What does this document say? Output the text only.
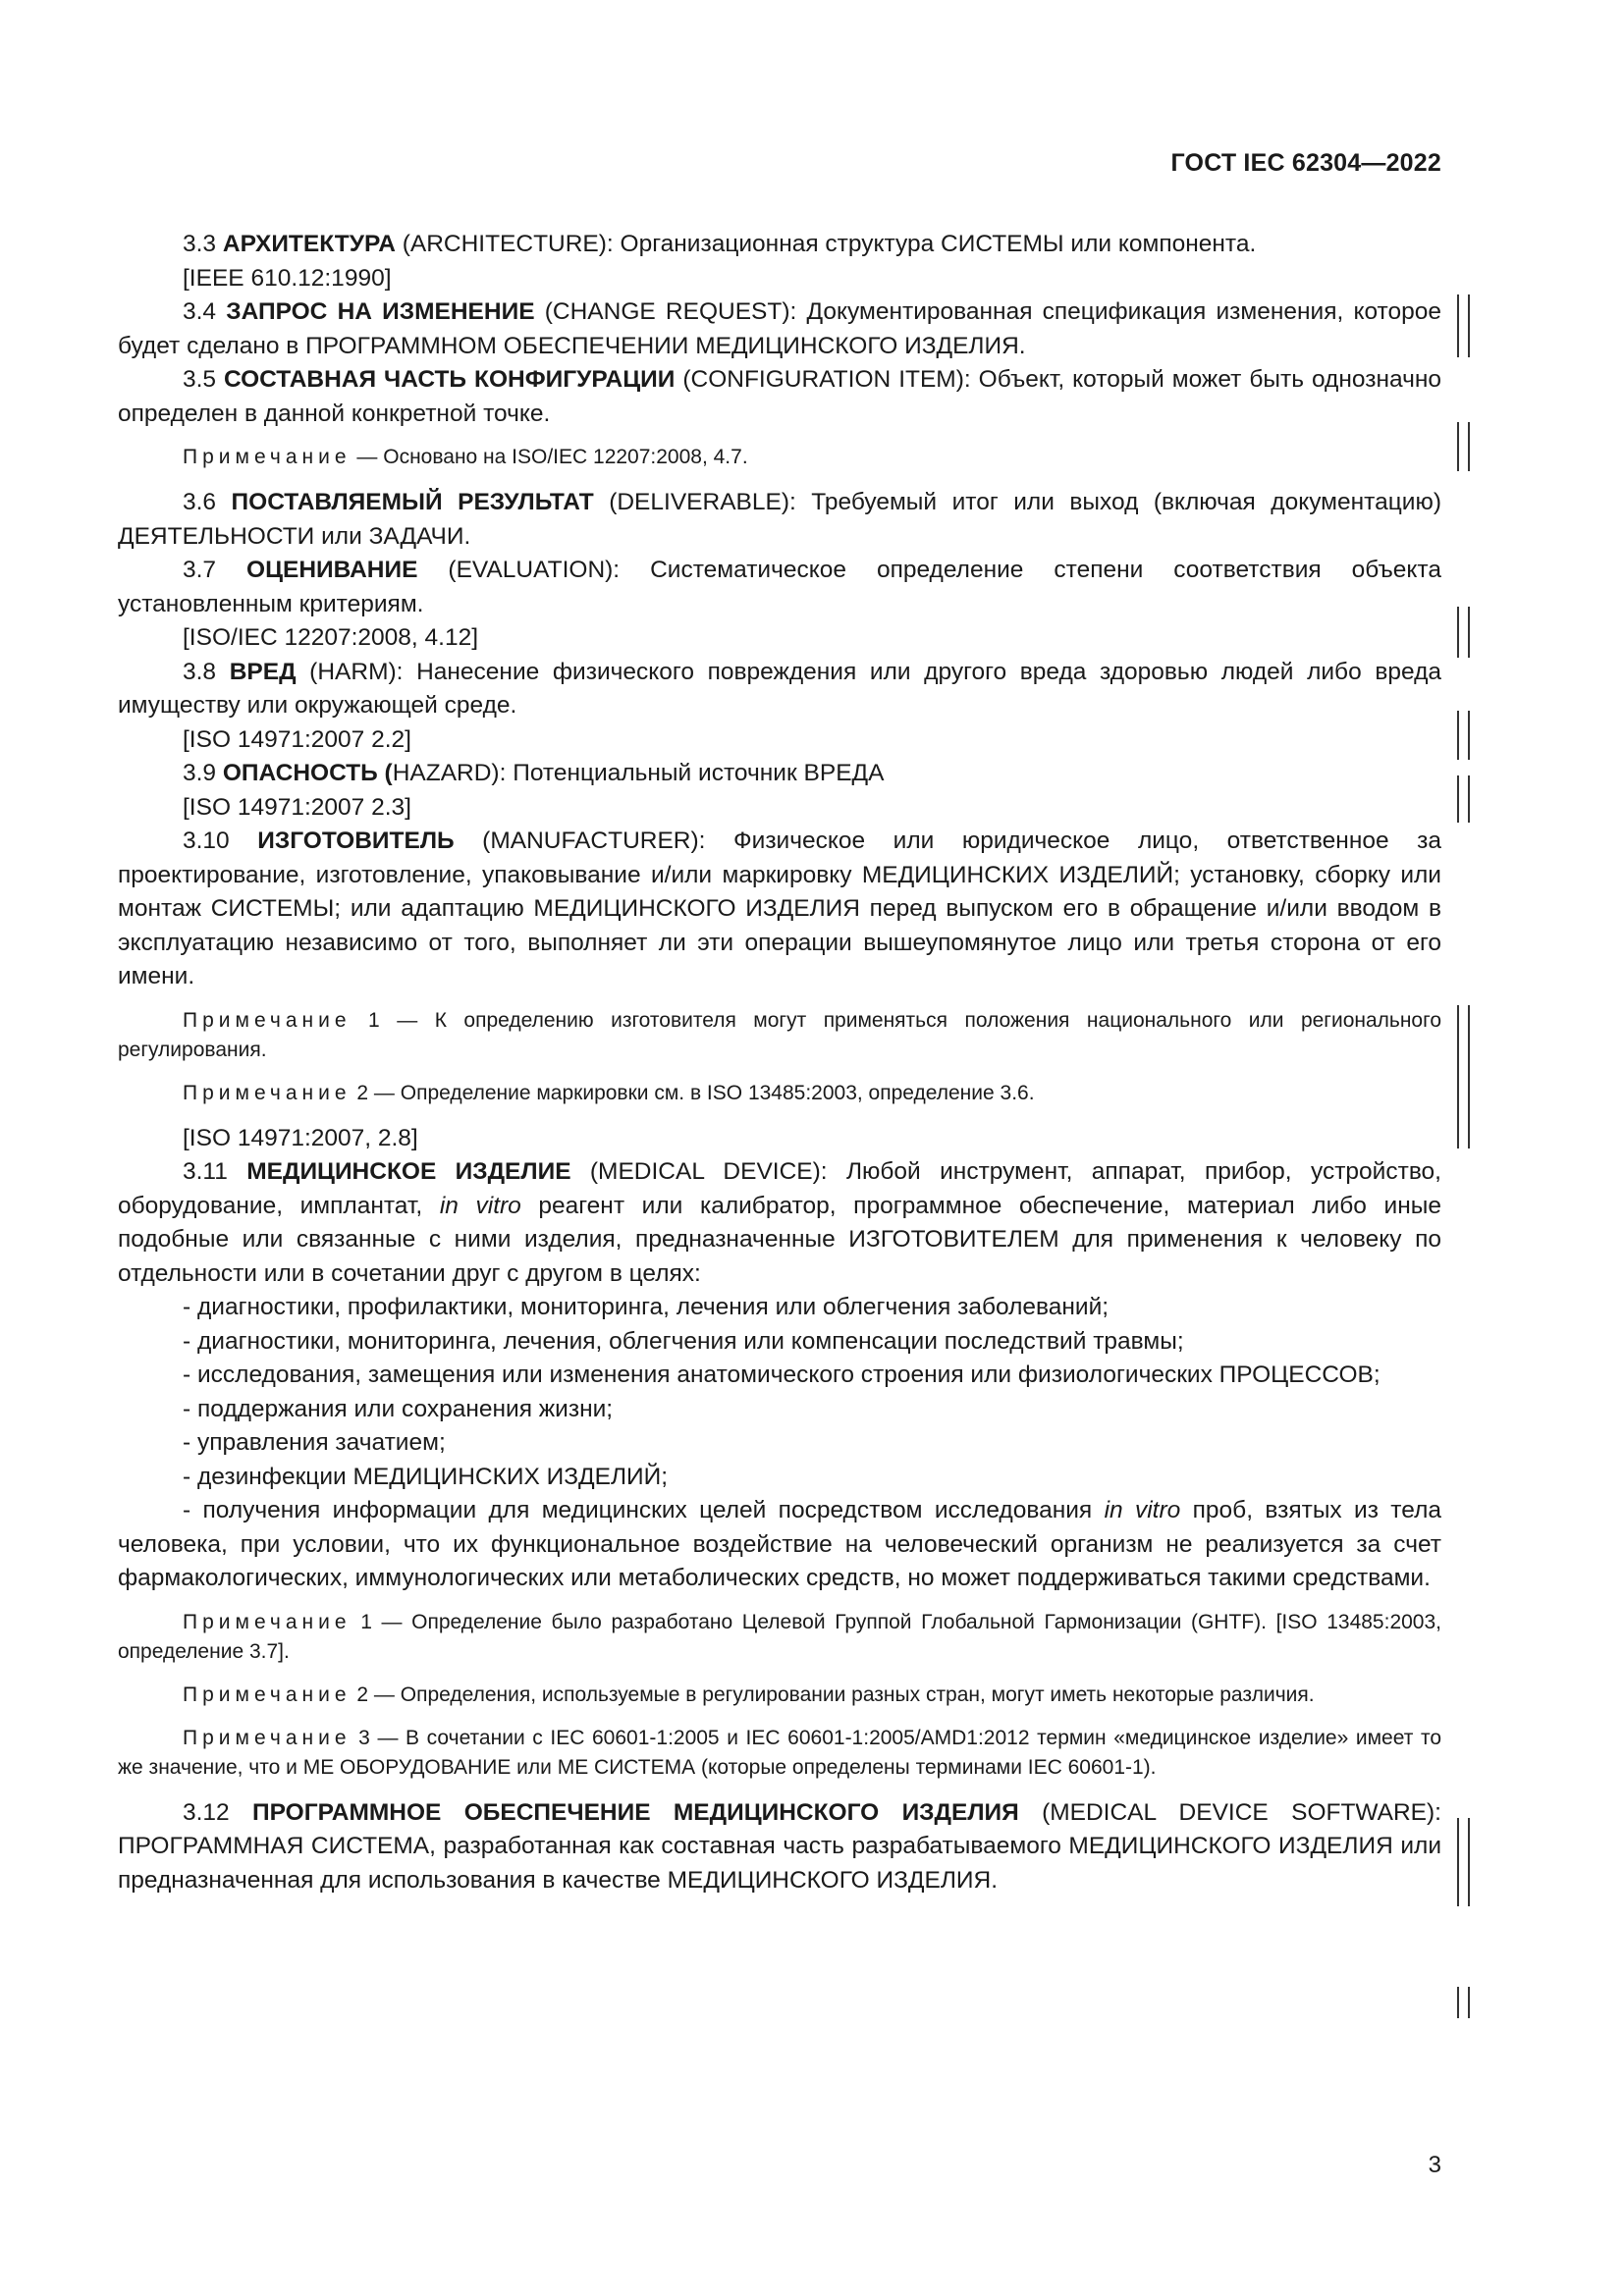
ГОСТ IEC 62304—2022

3.3 АРХИТЕКТУРА (ARCHITECTURE): Организационная структура СИСТЕМЫ или компонента.

[IEEE 610.12:1990]

3.4 ЗАПРОС НА ИЗМЕНЕНИЕ (CHANGE REQUEST): Документированная спецификация изменения, которое будет сделано в ПРОГРАММНОМ ОБЕСПЕЧЕНИИ МЕДИЦИНСКОГО ИЗДЕЛИЯ.

3.5 СОСТАВНАЯ ЧАСТЬ КОНФИГУРАЦИИ (CONFIGURATION ITEM): Объект, который может быть однозначно определен в данной конкретной точке.

Примечание — Основано на ISO/IEC 12207:2008, 4.7.

3.6 ПОСТАВЛЯЕМЫЙ РЕЗУЛЬТАТ (DELIVERABLE): Требуемый итог или выход (включая документацию) ДЕЯТЕЛЬНОСТИ или ЗАДАЧИ.

3.7 ОЦЕНИВАНИЕ (EVALUATION): Систематическое определение степени соответствия объекта установленным критериям.

[ISO/IEC 12207:2008, 4.12]

3.8 ВРЕД (HARM): Нанесение физического повреждения или другого вреда здоровью людей либо вреда имуществу или окружающей среде.

[ISO 14971:2007 2.2]

3.9 ОПАСНОСТЬ (HAZARD): Потенциальный источник ВРЕДА

[ISO 14971:2007 2.3]

3.10 ИЗГОТОВИТЕЛЬ (MANUFACTURER): Физическое или юридическое лицо, ответственное за проектирование, изготовление, упаковывание и/или маркировку МЕДИЦИНСКИХ ИЗДЕЛИЙ; установку, сборку или монтаж СИСТЕМЫ; или адаптацию МЕДИЦИНСКОГО ИЗДЕЛИЯ перед выпуском его в обращение и/или вводом в эксплуатацию независимо от того, выполняет ли эти операции вышеупомянутое лицо или третья сторона от его имени.

Примечание 1 — К определению изготовителя могут применяться положения национального или регионального регулирования.

Примечание 2 — Определение маркировки см. в ISO 13485:2003, определение 3.6.

[ISO 14971:2007, 2.8]

3.11 МЕДИЦИНСКОЕ ИЗДЕЛИЕ (MEDICAL DEVICE): Любой инструмент, аппарат, прибор, устройство, оборудование, имплантат, in vitro реагент или калибратор, программное обеспечение, материал либо иные подобные или связанные с ними изделия, предназначенные ИЗГОТОВИТЕЛЕМ для применения к человеку по отдельности или в сочетании друг с другом в целях:

- диагностики, профилактики, мониторинга, лечения или облегчения заболеваний;

- диагностики, мониторинга, лечения, облегчения или компенсации последствий травмы;

- исследования, замещения или изменения анатомического строения или физиологических ПРОЦЕССОВ;

- поддержания или сохранения жизни;

- управления зачатием;

- дезинфекции МЕДИЦИНСКИХ ИЗДЕЛИЙ;

- получения информации для медицинских целей посредством исследования in vitro проб, взятых из тела человека, при условии, что их функциональное воздействие на человеческий организм не реализуется за счет фармакологических, иммунологических или метаболических средств, но может поддерживаться такими средствами.

Примечание 1 — Определение было разработано Целевой Группой Глобальной Гармонизации (GHTF). [ISO 13485:2003, определение 3.7].

Примечание 2 — Определения, используемые в регулировании разных стран, могут иметь некоторые различия.

Примечание 3 — В сочетании с IEC 60601-1:2005 и IEC 60601-1:2005/AMD1:2012 термин «медицинское изделие» имеет то же значение, что и МЕ ОБОРУДОВАНИЕ или МЕ СИСТЕМА (которые определены терминами IEC 60601-1).

3.12 ПРОГРАММНОЕ ОБЕСПЕЧЕНИЕ МЕДИЦИНСКОГО ИЗДЕЛИЯ (MEDICAL DEVICE SOFTWARE): ПРОГРАММНАЯ СИСТЕМА, разработанная как составная часть разрабатываемого МЕДИЦИНСКОГО ИЗДЕЛИЯ или предназначенная для использования в качестве МЕДИЦИНСКОГО ИЗДЕЛИЯ.

3
